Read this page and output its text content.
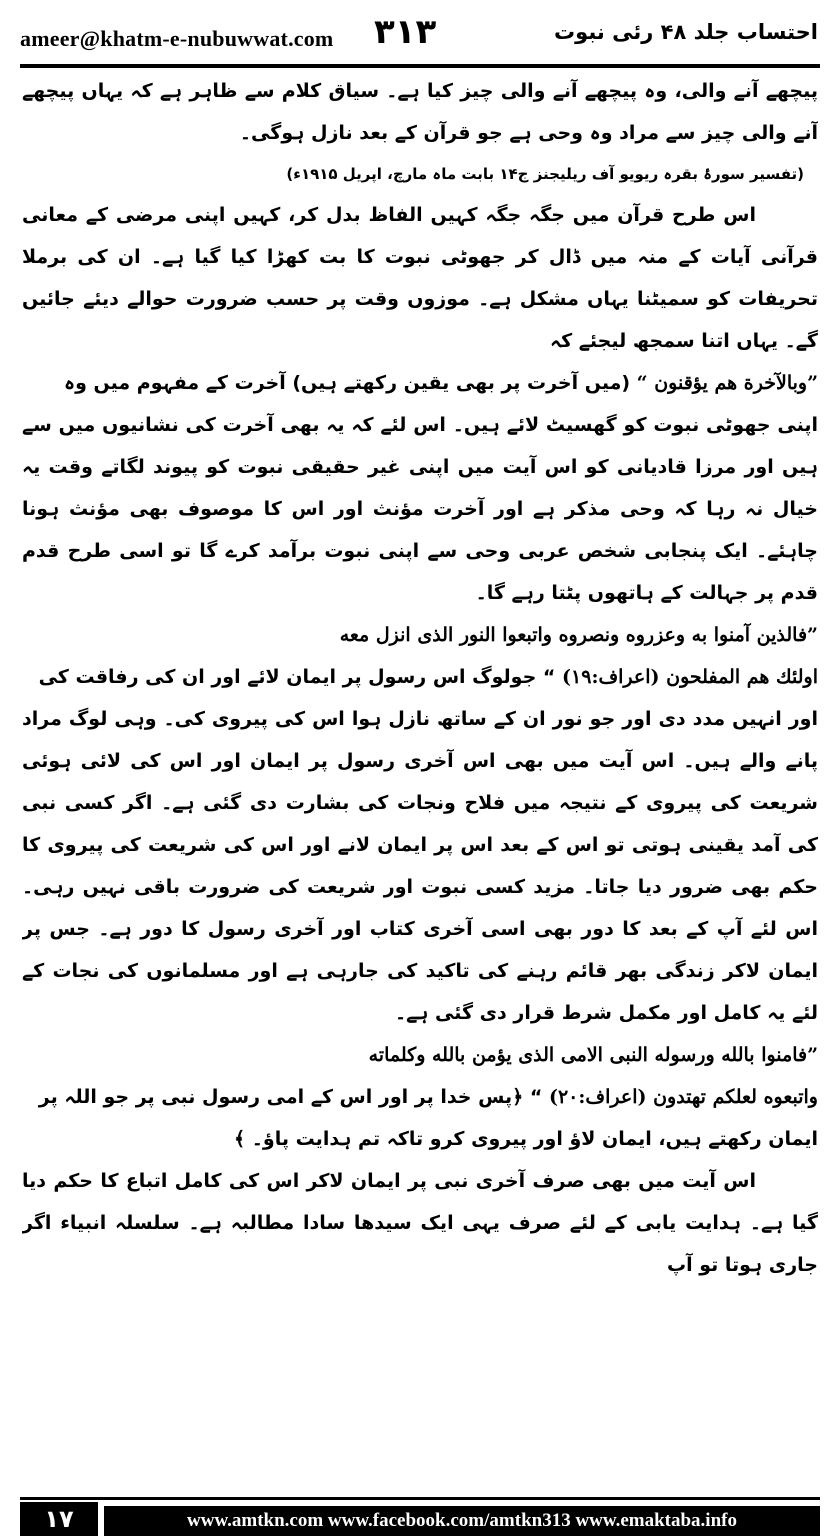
ameer@khatm-e-nubuwwat.com ۳۱۳	احتساب جلد ۴۸ رئی نبوت

پیچھے آنے والی، وہ پیچھے آنے والی چیز کیا ہے۔ سیاق کلام سے ظاہر ہے کہ یہاں پیچھے آنے والی چیز سے مراد وہ وحی ہے جو قرآن کے بعد نازل ہوگی۔

(تفسیر سورۂ بقرہ ریویو آف ریلیجنز ج۱۴ بابت ماہ مارچ، اپریل ۱۹۱۵ء)

اس طرح قرآن میں جگہ جگہ کہیں الفاظ بدل کر، کہیں اپنی مرضی کے معانی قرآنی آیات کے منہ میں ڈال کر جھوٹی نبوت کا بت کھڑا کیا گیا ہے۔ ان کی برملا تحریفات کو سمیٹنا یہاں مشکل ہے۔ موزوں وقت پر حسب ضرورت حوالے دیئے جائیں گے۔ یہاں اتنا سمجھ لیجئے کہ

”وبالآخرة هم يؤقنون “ (میں آخرت پر بھی یقین رکھتے ہیں) آخرت کے مفہوم میں وہ

اپنی جھوٹی نبوت کو گھسیٹ لائے ہیں۔ اس لئے کہ یہ بھی آخرت کی نشانیوں میں سے ہیں اور مرزا قادیانی کو اس آیت میں اپنی غیر حقیقی نبوت کو پیوند لگاتے وقت یہ خیال نہ رہا کہ وحی مذکر ہے اور آخرت مؤنث اور اس کا موصوف بھی مؤنث ہونا چاہئے۔ ایک پنجابی شخص عربی وحی سے اپنی نبوت برآمد کرے گا تو اسی طرح قدم قدم پر جہالت کے ہاتھوں پٹتا رہے گا۔

”فالذين آمنوا به وعزروه ونصروه واتبعوا النور الذى انزل معه

اولئك هم المفلحون (اعراف:۱۹) “ جولوگ اس رسول پر ایمان لائے اور ان کی رفاقت کی

اور انہیں مدد دی اور جو نور ان کے ساتھ نازل ہوا اس کی پیروی کی۔ وہی لوگ مراد پانے والے ہیں۔ اس آیت میں بھی اس آخری رسول پر ایمان اور اس کی لائی ہوئی شریعت کی پیروی کے نتیجہ میں فلاح ونجات کی بشارت دی گئی ہے۔ اگر کسی نبی کی آمد یقینی ہوتی تو اس کے بعد اس پر ایمان لانے اور اس کی شریعت کی پیروی کا حکم بھی ضرور دیا جاتا۔ مزید کسی نبوت اور شریعت کی ضرورت باقی نہیں رہی۔ اس لئے آپ کے بعد کا دور بھی اسی آخری کتاب اور آخری رسول کا دور ہے۔ جس پر ایمان لاکر زندگی بھر قائم رہنے کی تاکید کی جارہی ہے اور مسلمانوں کی نجات کے لئے یہ کامل اور مکمل شرط قرار دی گئی ہے۔

”فامنوا بالله ورسوله النبى الامى الذى يؤمن بالله وكلماته

واتبعوه لعلكم تهتدون (اعراف:۲۰) “ ﴿پس خدا پر اور اس کے امی رسول نبی پر جو اللہ پر

ایمان رکھتے ہیں، ایمان لاؤ اور پیروی کرو تاکہ تم ہدایت پاؤ۔ ﴾

اس آیت میں بھی صرف آخری نبی پر ایمان لاکر اس کی کامل اتباع کا حکم دیا گیا ہے۔ ہدایت یابی کے لئے صرف یہی ایک سیدھا سادا مطالبہ ہے۔ سلسلہ انبیاء اگر جاری ہوتا تو آپ

۱۷	www.amtkn.com www.facebook.com/amtkn313 www.emaktaba.info
